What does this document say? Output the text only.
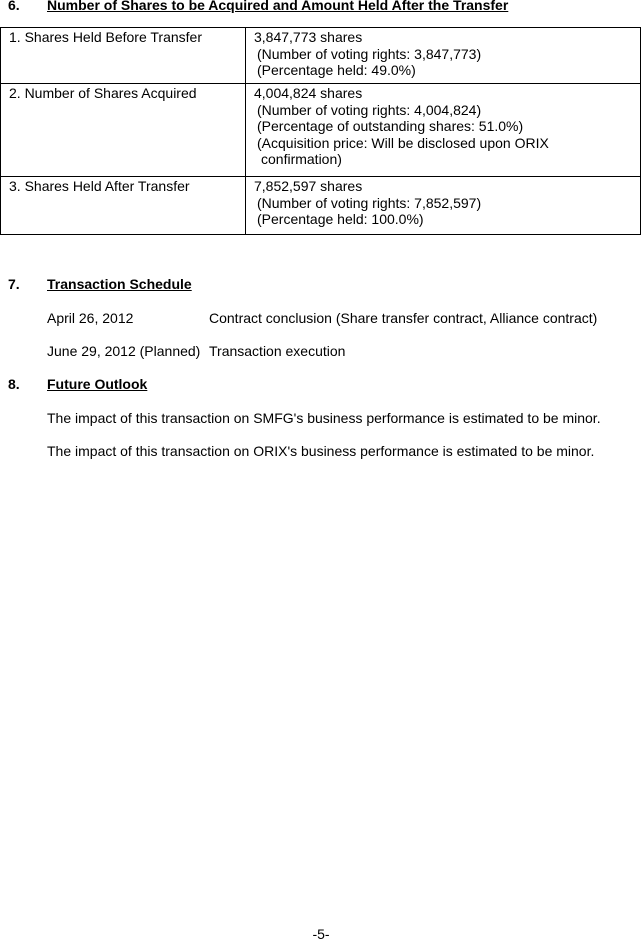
6.	Number of Shares to be Acquired and Amount Held After the Transfer
1. Shares Held Before Transfer	3,847,773 shares
(Number of voting rights: 3,847,773)
(Percentage held: 49.0%)

2. Number of Shares Acquired	4,004,824 shares
(Number of voting rights: 4,004,824)
(Percentage of outstanding shares: 51.0%)
(Acquisition price: Will be disclosed upon ORIX
confirmation)

3. Shares Held After Transfer	7,852,597 shares
(Number of voting rights: 7,852,597)
(Percentage held: 100.0%)
7.	Transaction Schedule
April 26, 2012	Contract conclusion (Share transfer contract, Alliance contract)
June 29, 2012 (Planned) Transaction execution
8.	Future Outlook
The impact of this transaction on SMFG's business performance is estimated to be minor.
The impact of this transaction on ORIX's business performance is estimated to be minor.
-5-
